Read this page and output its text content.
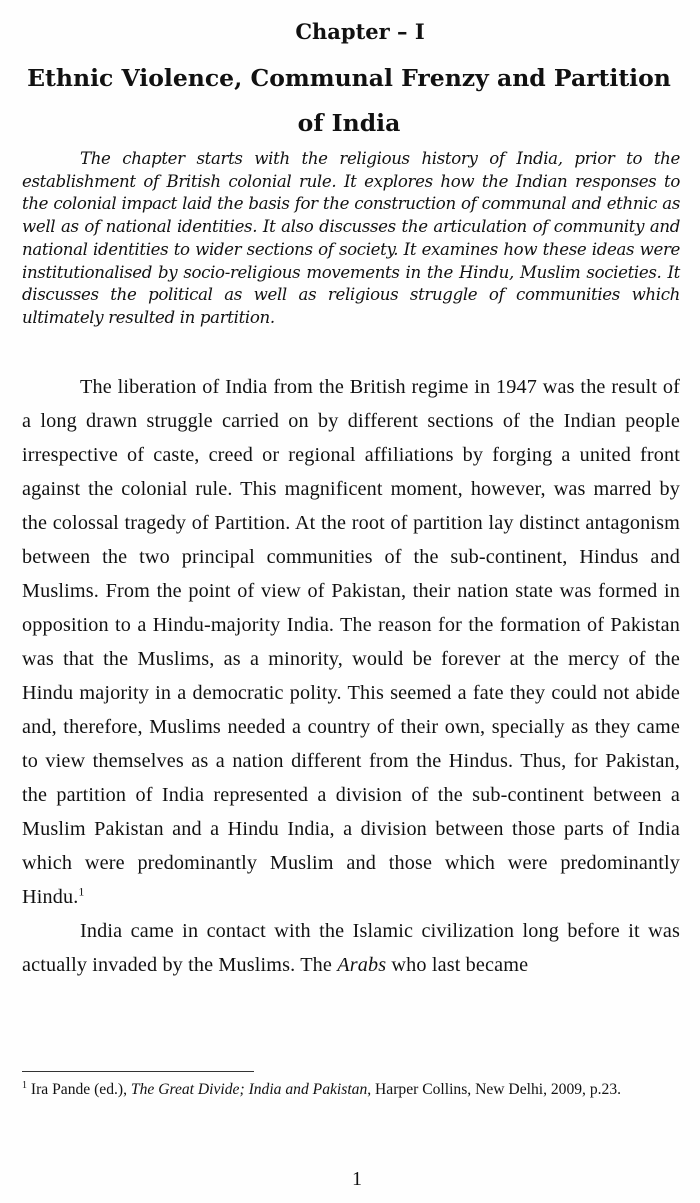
Chapter – I
Ethnic Violence, Communal Frenzy and Partition of India

The chapter starts with the religious history of India, prior to the establishment of British colonial rule. It explores how the Indian responses to the colonial impact laid the basis for the construction of communal and ethnic as well as of national identities. It also discusses the articulation of community and national identities to wider sections of society. It examines how these ideas were institutionalised by socio-religious movements in the Hindu, Muslim societies. It discusses the political as well as religious struggle of communities which ultimately resulted in partition.

The liberation of India from the British regime in 1947 was the result of a long drawn struggle carried on by different sections of the Indian people irrespective of caste, creed or regional affiliations by forging a united front against the colonial rule. This magnificent moment, however, was marred by the colossal tragedy of Partition. At the root of partition lay distinct antagonism between the two principal communities of the sub-continent, Hindus and Muslims. From the point of view of Pakistan, their nation state was formed in opposition to a Hindu-majority India. The reason for the formation of Pakistan was that the Muslims, as a minority, would be forever at the mercy of the Hindu majority in a democratic polity. This seemed a fate they could not abide and, therefore, Muslims needed a country of their own, specially as they came to view themselves as a nation different from the Hindus. Thus, for Pakistan, the partition of India represented a division of the sub-continent between a Muslim Pakistan and a Hindu India, a division between those parts of India which were predominantly Muslim and those which were predominantly Hindu.$^1$

India came in contact with the Islamic civilization long before it was actually invaded by the Muslims. The Arabs who last became

$^1$ Ira Pande (ed.), The Great Divide; India and Pakistan, Harper Collins, New Delhi, 2009, p.23.

1
